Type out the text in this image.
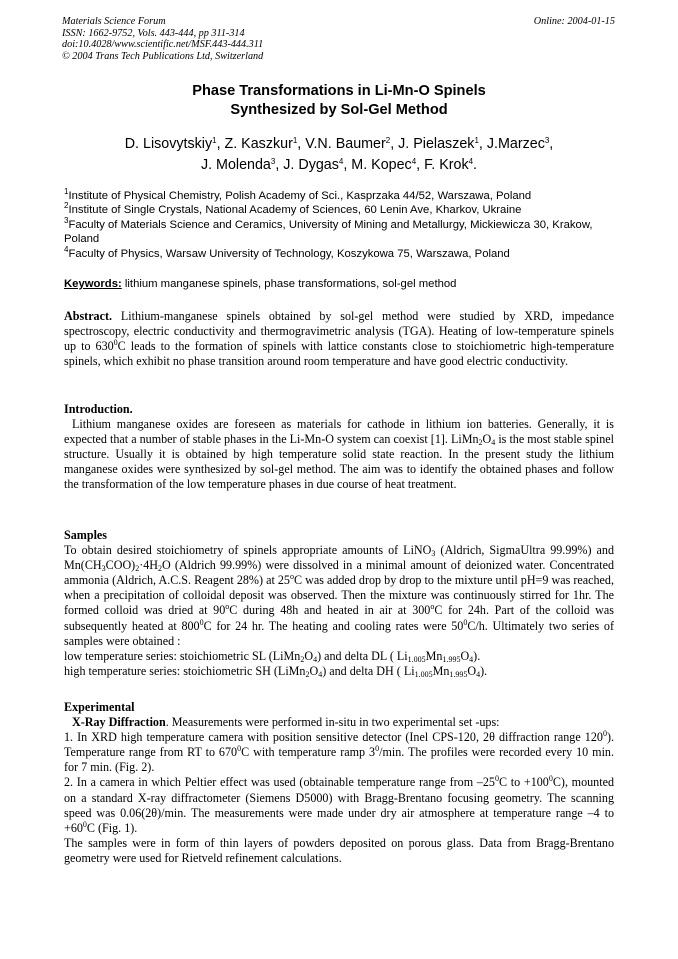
Materials Science Forum
ISSN: 1662-9752, Vols. 443-444, pp 311-314
doi:10.4028/www.scientific.net/MSF.443-444.311
© 2004 Trans Tech Publications Ltd, Switzerland
Online: 2004-01-15
Phase Transformations in Li-Mn-O Spinels
Synthesized by Sol-Gel Method
D. Lisovytskiy$^1$, Z. Kaszkur$^1$, V.N. Baumer$^2$, J. Pielaszek$^1$, J.Marzec$^3$,
J. Molenda$^3$, J. Dygas$^4$, M. Kopec$^4$, F. Krok$^4$.
$^1$Institute of Physical Chemistry, Polish Academy of Sci., Kasprzaka 44/52, Warszawa, Poland
$^2$Institute of Single Crystals, National Academy of Sciences, 60 Lenin Ave, Kharkov, Ukraine
$^3$Faculty of Materials Science and Ceramics, University of Mining and Metallurgy, Mickiewicza 30, Krakow, Poland
$^4$Faculty of Physics, Warsaw University of Technology, Koszykowa 75, Warszawa, Poland
Keywords: lithium manganese spinels, phase transformations, sol-gel method

Abstract. Lithium-manganese spinels obtained by sol-gel method were studied by XRD, impedance spectroscopy, electric conductivity and thermogravimetric analysis (TGA). Heating of low-temperature spinels up to $630^0C$ leads to the formation of spinels with lattice constants close to stoichiometric high-temperature spinels, which exhibit no phase transition around room temperature and have good electric conductivity.

Introduction.

Lithium manganese oxides are foreseen as materials for cathode in lithium ion batteries. Generally, it is expected that a number of stable phases in the Li-Mn-O system can coexist [1]. $LiMn_2O_4$ is the most stable spinel structure. Usually it is obtained by high temperature solid state reaction. In the present study the lithium manganese oxides were synthesized by sol-gel method. The aim was to identify the obtained phases and follow the transformation of the low temperature phases in due course of heat treatment.

Samples

To obtain desired stoichiometry of spinels appropriate amounts of LiNO$_3$ (Aldrich, SigmaUltra 99.99%) and $Mn(CH_3COO)_2\cdot 4H_2O$ (Aldrich 99.99%) were dissolved in a minimal amount of deionized water. Concentrated ammonia (Aldrich, A.C.S. Reagent 28%) at 25$^o$C was added drop by drop to the mixture until pH=9 was reached, when a precipitation of colloidal deposit was observed. Then the mixture was continuously stirred for 1hr. The formed colloid was dried at 90$^o$C during 48h and heated in air at 300$^o$C for 24h. Part of the colloid was subsequently heated at $800^0C$ for 24 hr. The heating and cooling rates were $50^0C/h$. Ultimately two series of samples were obtained :

low temperature series: stoichiometric SL $(LiMn_2O_4)$ and delta DL ( $Li_{1.005}Mn_{1.995}O_4$).

high temperature series: stoichiometric SH $(LiMn_2O_4)$ and delta DH ( $Li_{1.005}Mn_{1.995}O_4$).

Experimental

X-Ray Diffraction. Measurements were performed in-situ in two experimental set -ups:

1. In XRD high temperature camera with position sensitive detector (Inel CPS-120, 2θ diffraction range $120^0$). Temperature range from RT to $670^0C$ with temperature ramp $3^0/\min$. The profiles were recorded every 10 min. for 7 min. (Fig. 2).

2. In a camera in which Peltier effect was used (obtainable temperature range from $-25^0C$ to $+100^0C$), mounted on a standard X-ray diffractometer (Siemens D5000) with Bragg-Brentano focusing geometry. The scanning speed was 0.06(2θ)/min. The measurements were made under dry air atmosphere at temperature range –4 to $+60^0C$ (Fig. 1).

The samples were in form of thin layers of powders deposited on porous glass. Data from Bragg-Brentano geometry were used for Rietveld refinement calculations.
